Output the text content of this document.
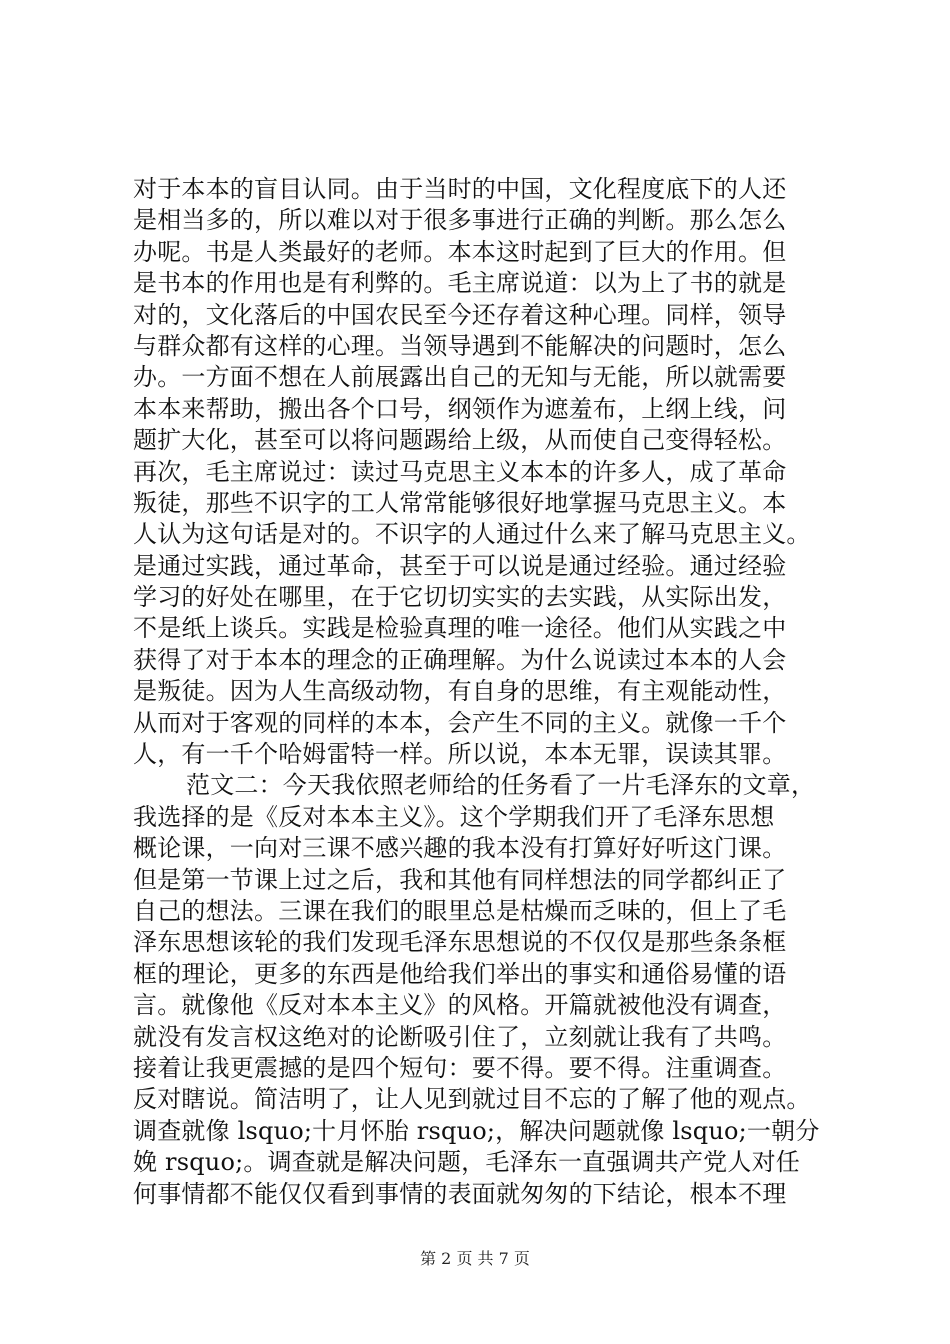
对于本本的盲目认同。由于当时的中国，文化程度底下的人还
是相当多的，所以难以对于很多事进行正确的判断。那么怎么
办呢。书是人类最好的老师。本本这时起到了巨大的作用。但
是书本的作用也是有利弊的。毛主席说道：以为上了书的就是
对的，文化落后的中国农民至今还存着这种心理。同样，领导
与群众都有这样的心理。当领导遇到不能解决的问题时，怎么
办。一方面不想在人前展露出自己的无知与无能，所以就需要
本本来帮助，搬出各个口号，纲领作为遮羞布，上纲上线，问
题扩大化，甚至可以将问题踢给上级，从而使自己变得轻松。
再次，毛主席说过：读过马克思主义本本的许多人，成了革命
叛徒，那些不识字的工人常常能够很好地掌握马克思主义。本
人认为这句话是对的。不识字的人通过什么来了解马克思主义。
是通过实践，通过革命，甚至于可以说是通过经验。通过经验
学习的好处在哪里，在于它切切实实的去实践，从实际出发，
不是纸上谈兵。实践是检验真理的唯一途径。他们从实践之中
获得了对于本本的理念的正确理解。为什么说读过本本的人会
是叛徒。因为人生高级动物，有自身的思维，有主观能动性，
从而对于客观的同样的本本，会产生不同的主义。就像一千个
人，有一千个哈姆雷特一样。所以说，本本无罪，误读其罪。
范文二：今天我依照老师给的任务看了一片毛泽东的文章，
我选择的是《反对本本主义》。这个学期我们开了毛泽东思想
概论课，一向对三课不感兴趣的我本没有打算好好听这门课。
但是第一节课上过之后，我和其他有同样想法的同学都纠正了
自己的想法。三课在我们的眼里总是枯燥而乏味的，但上了毛
泽东思想该轮的我们发现毛泽东思想说的不仅仅是那些条条框
框的理论，更多的东西是他给我们举出的事实和通俗易懂的语
言。就像他《反对本本主义》的风格。开篇就被他没有调查，
就没有发言权这绝对的论断吸引住了，立刻就让我有了共鸣。
接着让我更震撼的是四个短句：要不得。要不得。注重调查。
反对瞎说。简洁明了，让人见到就过目不忘的了解了他的观点。
调查就像 lsquo;十月怀胎 rsquo;，解决问题就像 lsquo;一朝分
娩 rsquo;。调查就是解决问题，毛泽东一直强调共产党人对任
何事情都不能仅仅看到事情的表面就匆匆的下结论，根本不理
第 2 页 共 7 页
